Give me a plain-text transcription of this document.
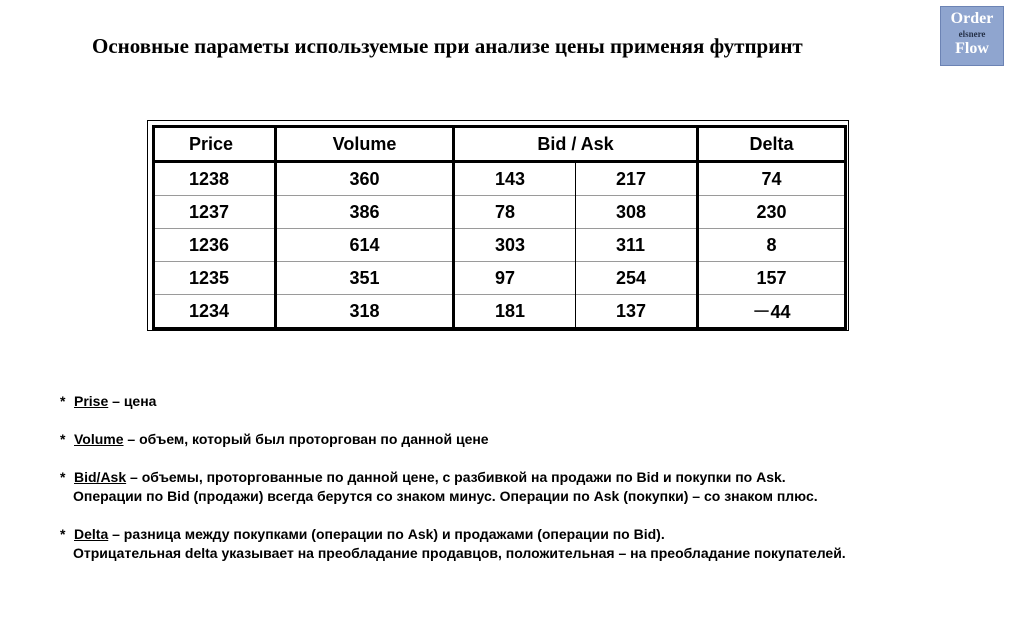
Основные параметы используемые при анализе цены применяя футпринт
Order
elsnere
Flow
Price	Volume	Bid / Ask		Delta
1238	360	143	217	74
1237	386	78	308	230
1236	614	303	311	8
1235	351	97	254	157
1234	318	181	137	－44
* Prise – цена
* Volume – объем, который был проторгован по данной цене
* Bid/Ask – объемы, проторгованные по данной цене, с разбивкой на продажи по Bid и покупки по Ask.
Операции по Bid (продажи) всегда берутся со знаком минус. Операции по Ask (покупки) – со знаком плюс.
* Delta – разница между покупками (операции по Ask) и продажами (операции по Bid).
Отрицательная delta указывает на преобладание продавцов, положительная – на преобладание покупателей.
